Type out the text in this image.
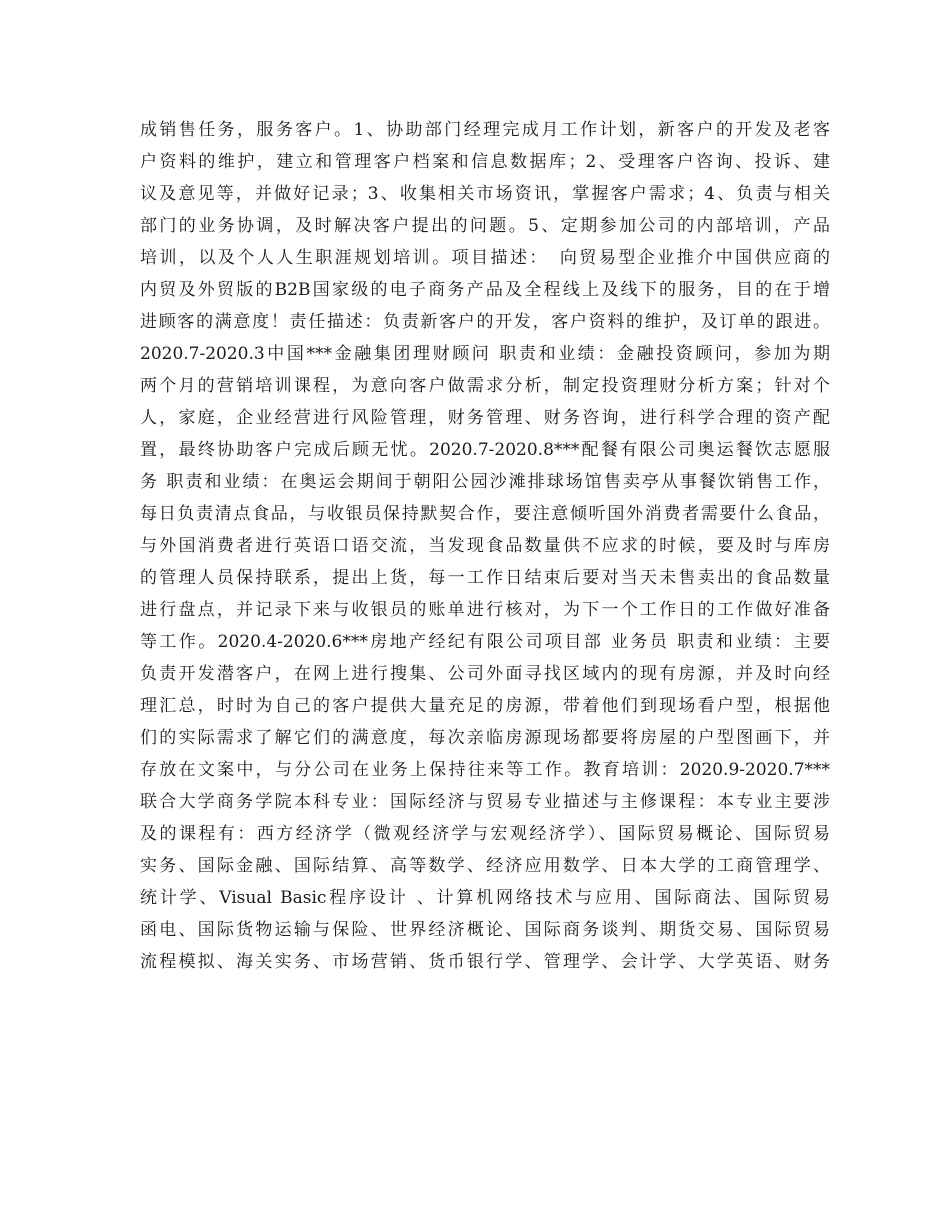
成销售任务，服务客户。1、协助部门经理完成月工作计划，新客户的开发及老客
户资料的维护，建立和管理客户档案和信息数据库；2、受理客户咨询、投诉、建
议及意见等，并做好记录；3、收集相关市场资讯，掌握客户需求；4、负责与相关
部门的业务协调，及时解决客户提出的问题。5、定期参加公司的内部培训，产品
培训，以及个人人生职涯规划培训。项目描述：　向贸易型企业推介中国供应商的
内贸及外贸版的B2B国家级的电子商务产品及全程线上及线下的服务，目的在于增
进顾客的满意度！责任描述：负责新客户的开发，客户资料的维护，及订单的跟进。
2020.7-2020.3中国***金融集团理财顾问 职责和业绩：金融投资顾问，参加为期
两个月的营销培训课程，为意向客户做需求分析，制定投资理财分析方案；针对个
人，家庭，企业经营进行风险管理，财务管理、财务咨询，进行科学合理的资产配
置，最终协助客户完成后顾无忧。2020.7-2020.8***配餐有限公司奥运餐饮志愿服
务 职责和业绩：在奥运会期间于朝阳公园沙滩排球场馆售卖亭从事餐饮销售工作，
每日负责清点食品，与收银员保持默契合作，要注意倾听国外消费者需要什么食品，
与外国消费者进行英语口语交流，当发现食品数量供不应求的时候，要及时与库房
的管理人员保持联系，提出上货，每一工作日结束后要对当天未售卖出的食品数量
进行盘点，并记录下来与收银员的账单进行核对，为下一个工作日的工作做好准备
等工作。2020.4-2020.6***房地产经纪有限公司项目部 业务员 职责和业绩：主要
负责开发潜客户，在网上进行搜集、公司外面寻找区域内的现有房源，并及时向经
理汇总，时时为自己的客户提供大量充足的房源，带着他们到现场看户型，根据他
们的实际需求了解它们的满意度，每次亲临房源现场都要将房屋的户型图画下，并
存放在文案中，与分公司在业务上保持往来等工作。教育培训：2020.9-2020.7***
联合大学商务学院本科专业：国际经济与贸易专业描述与主修课程：本专业主要涉
及的课程有：西方经济学（微观经济学与宏观经济学）、国际贸易概论、国际贸易
实务、国际金融、国际结算、高等数学、经济应用数学、日本大学的工商管理学、
统计学、Visual Basic程序设计 、计算机网络技术与应用、国际商法、国际贸易
函电、国际货物运输与保险、世界经济概论、国际商务谈判、期货交易、国际贸易
流程模拟、海关实务、市场营销、货币银行学、管理学、会计学、大学英语、财务
